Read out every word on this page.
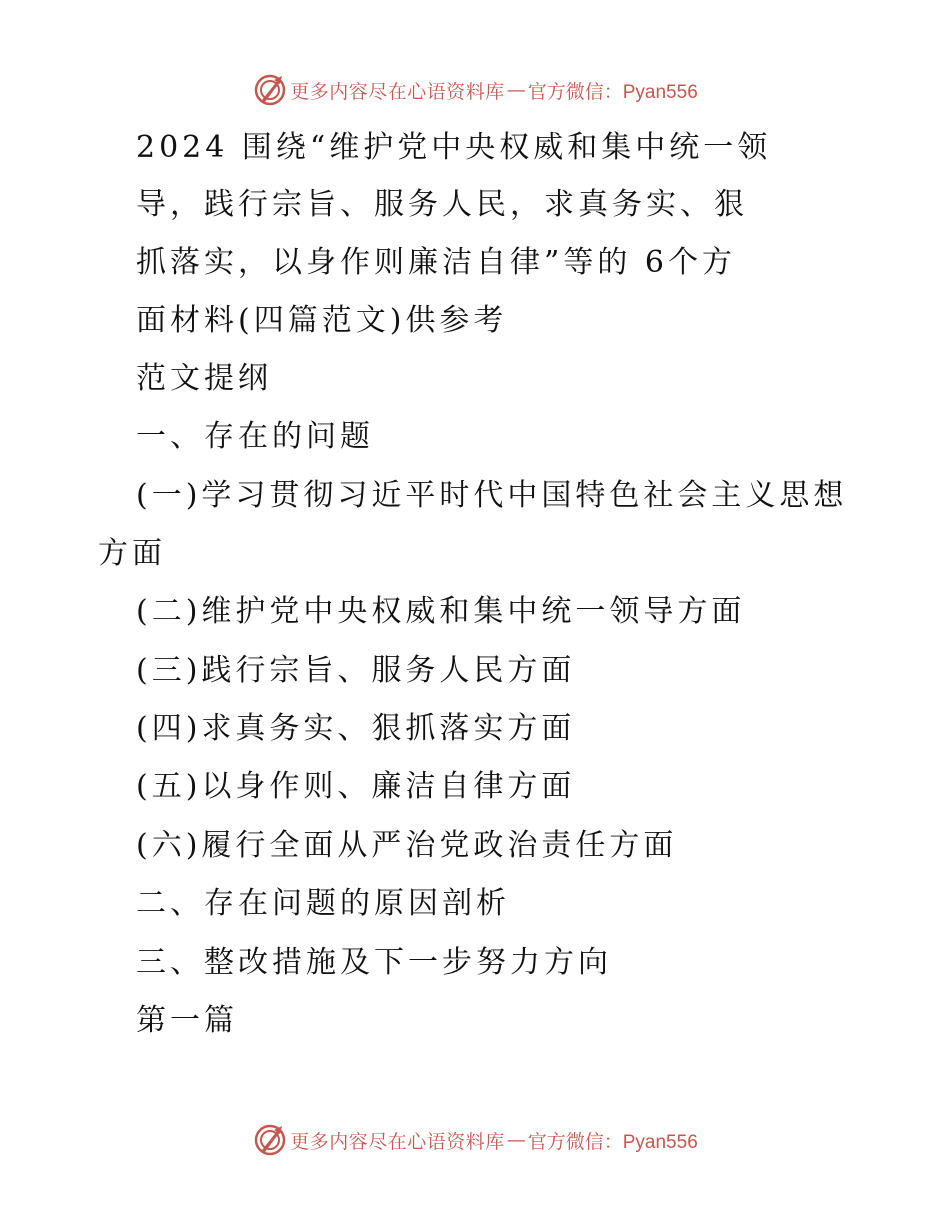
更多内容尽在心语资料库 — 官方微信：Pyan556
2024 围绕“维护党中央权威和集中统一领
导，践行宗旨、服务人民，求真务实、狠
抓落实，以身作则廉洁自律”等的 6个方
面材料(四篇范文)供参考
范文提纲
一、存在的问题
(一)学习贯彻习近平时代中国特色社会主义思想
方面
(二)维护党中央权威和集中统一领导方面
(三)践行宗旨、服务人民方面
(四)求真务实、狠抓落实方面
(五)以身作则、廉洁自律方面
(六)履行全面从严治党政治责任方面
二、存在问题的原因剖析
三、整改措施及下一步努力方向
第一篇
更多内容尽在心语资料库 — 官方微信：Pyan556
